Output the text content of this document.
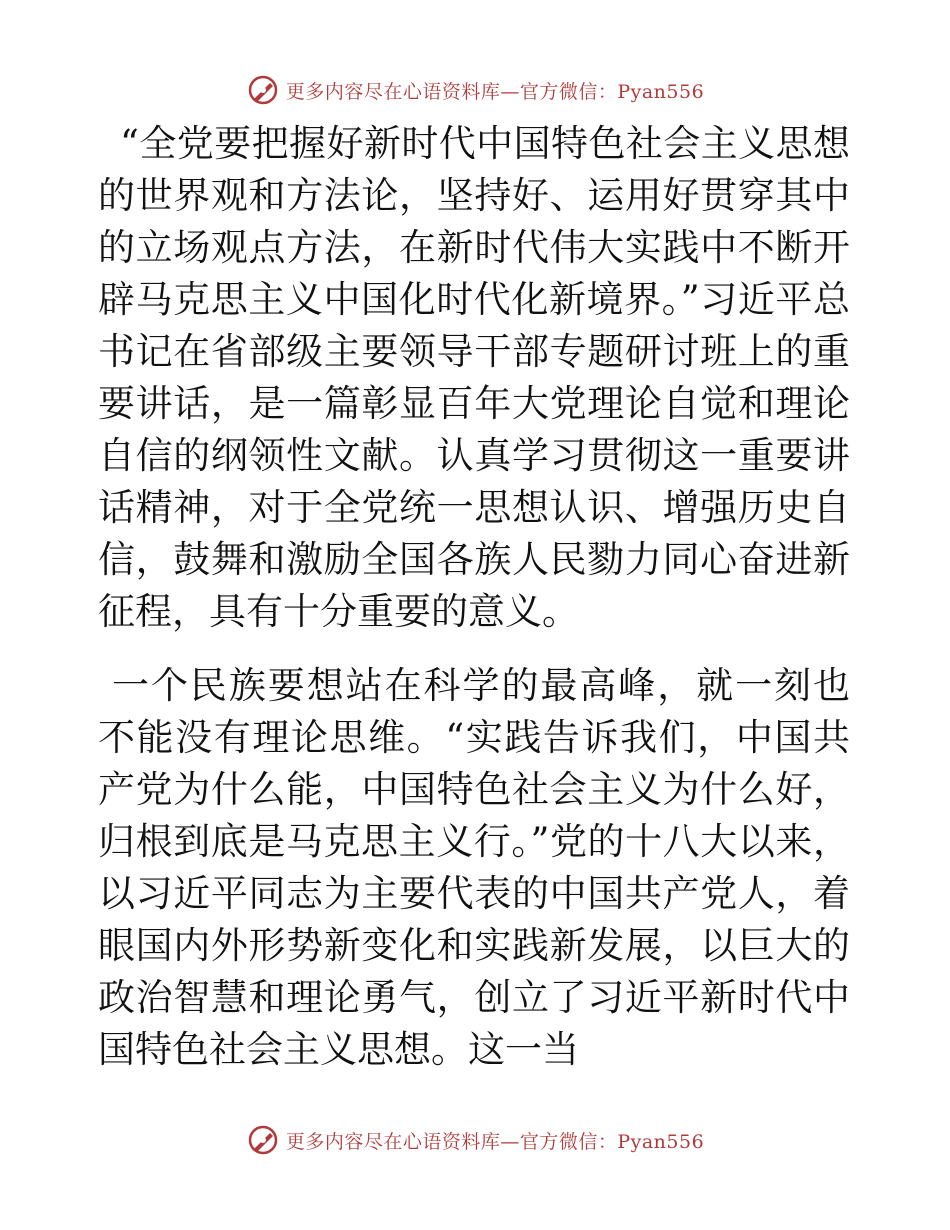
更多内容尽在心语资料库—官方微信：Pyan556

“全党要把握好新时代中国特色社会主义思想的世界观和方法论，坚持好、运用好贯穿其中的立场观点方法，在新时代伟大实践中不断开辟马克思主义中国化时代化新境界。”习近平总书记在省部级主要领导干部专题研讨班上的重要讲话，是一篇彰显百年大党理论自觉和理论自信的纲领性文献。认真学习贯彻这一重要讲话精神，对于全党统一思想认识、增强历史自信，鼓舞和激励全国各族人民勠力同心奋进新征程，具有十分重要的意义。

一个民族要想站在科学的最高峰，就一刻也不能没有理论思维。“实践告诉我们，中国共产党为什么能，中国特色社会主义为什么好，归根到底是马克思主义行。”党的十八大以来，以习近平同志为主要代表的中国共产党人，着眼国内外形势新变化和实践新发展，以巨大的政治智慧和理论勇气，创立了习近平新时代中国特色社会主义思想。这一当

更多内容尽在心语资料库—官方微信：Pyan556
